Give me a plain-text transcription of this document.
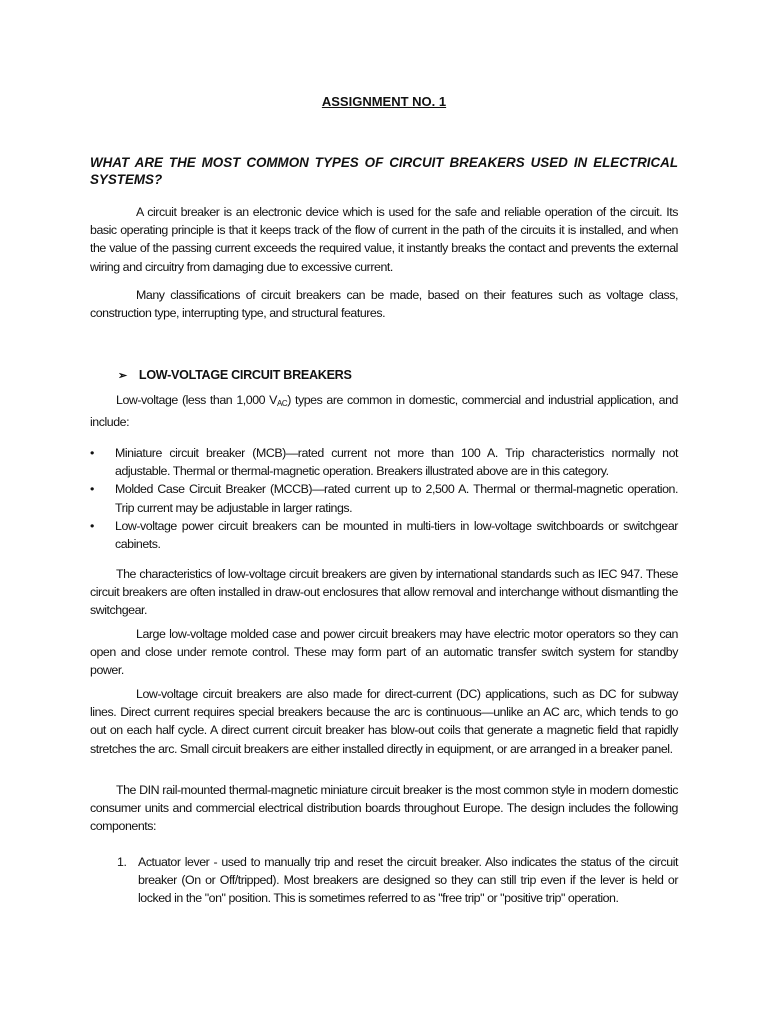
ASSIGNMENT NO. 1

WHAT ARE THE MOST COMMON TYPES OF CIRCUIT BREAKERS USED IN ELECTRICAL SYSTEMS?

A circuit breaker is an electronic device which is used for the safe and reliable operation of the circuit. Its basic operating principle is that it keeps track of the flow of current in the path of the circuits it is installed, and when the value of the passing current exceeds the required value, it instantly breaks the contact and prevents the external wiring and circuitry from damaging due to excessive current.

Many classifications of circuit breakers can be made, based on their features such as voltage class, construction type, interrupting type, and structural features.

➢ LOW-VOLTAGE CIRCUIT BREAKERS

Low-voltage (less than 1,000 $V_{AC}$) types are common in domestic, commercial and industrial application, and include:

• Miniature circuit breaker (MCB)—rated current not more than 100 A. Trip characteristics normally not adjustable. Thermal or thermal-magnetic operation. Breakers illustrated above are in this category.
• Molded Case Circuit Breaker (MCCB)—rated current up to 2,500 A. Thermal or thermal-magnetic operation. Trip current may be adjustable in larger ratings.
• Low-voltage power circuit breakers can be mounted in multi-tiers in low-voltage switchboards or switchgear cabinets.

The characteristics of low-voltage circuit breakers are given by international standards such as IEC 947. These circuit breakers are often installed in draw-out enclosures that allow removal and interchange without dismantling the switchgear.

Large low-voltage molded case and power circuit breakers may have electric motor operators so they can open and close under remote control. These may form part of an automatic transfer switch system for standby power.

Low-voltage circuit breakers are also made for direct-current (DC) applications, such as DC for subway lines. Direct current requires special breakers because the arc is continuous—unlike an AC arc, which tends to go out on each half cycle. A direct current circuit breaker has blow-out coils that generate a magnetic field that rapidly stretches the arc. Small circuit breakers are either installed directly in equipment, or are arranged in a breaker panel.

The DIN rail-mounted thermal-magnetic miniature circuit breaker is the most common style in modern domestic consumer units and commercial electrical distribution boards throughout Europe. The design includes the following components:

1. Actuator lever - used to manually trip and reset the circuit breaker. Also indicates the status of the circuit breaker (On or Off/tripped). Most breakers are designed so they can still trip even if the lever is held or locked in the "on" position. This is sometimes referred to as "free trip" or "positive trip" operation.
